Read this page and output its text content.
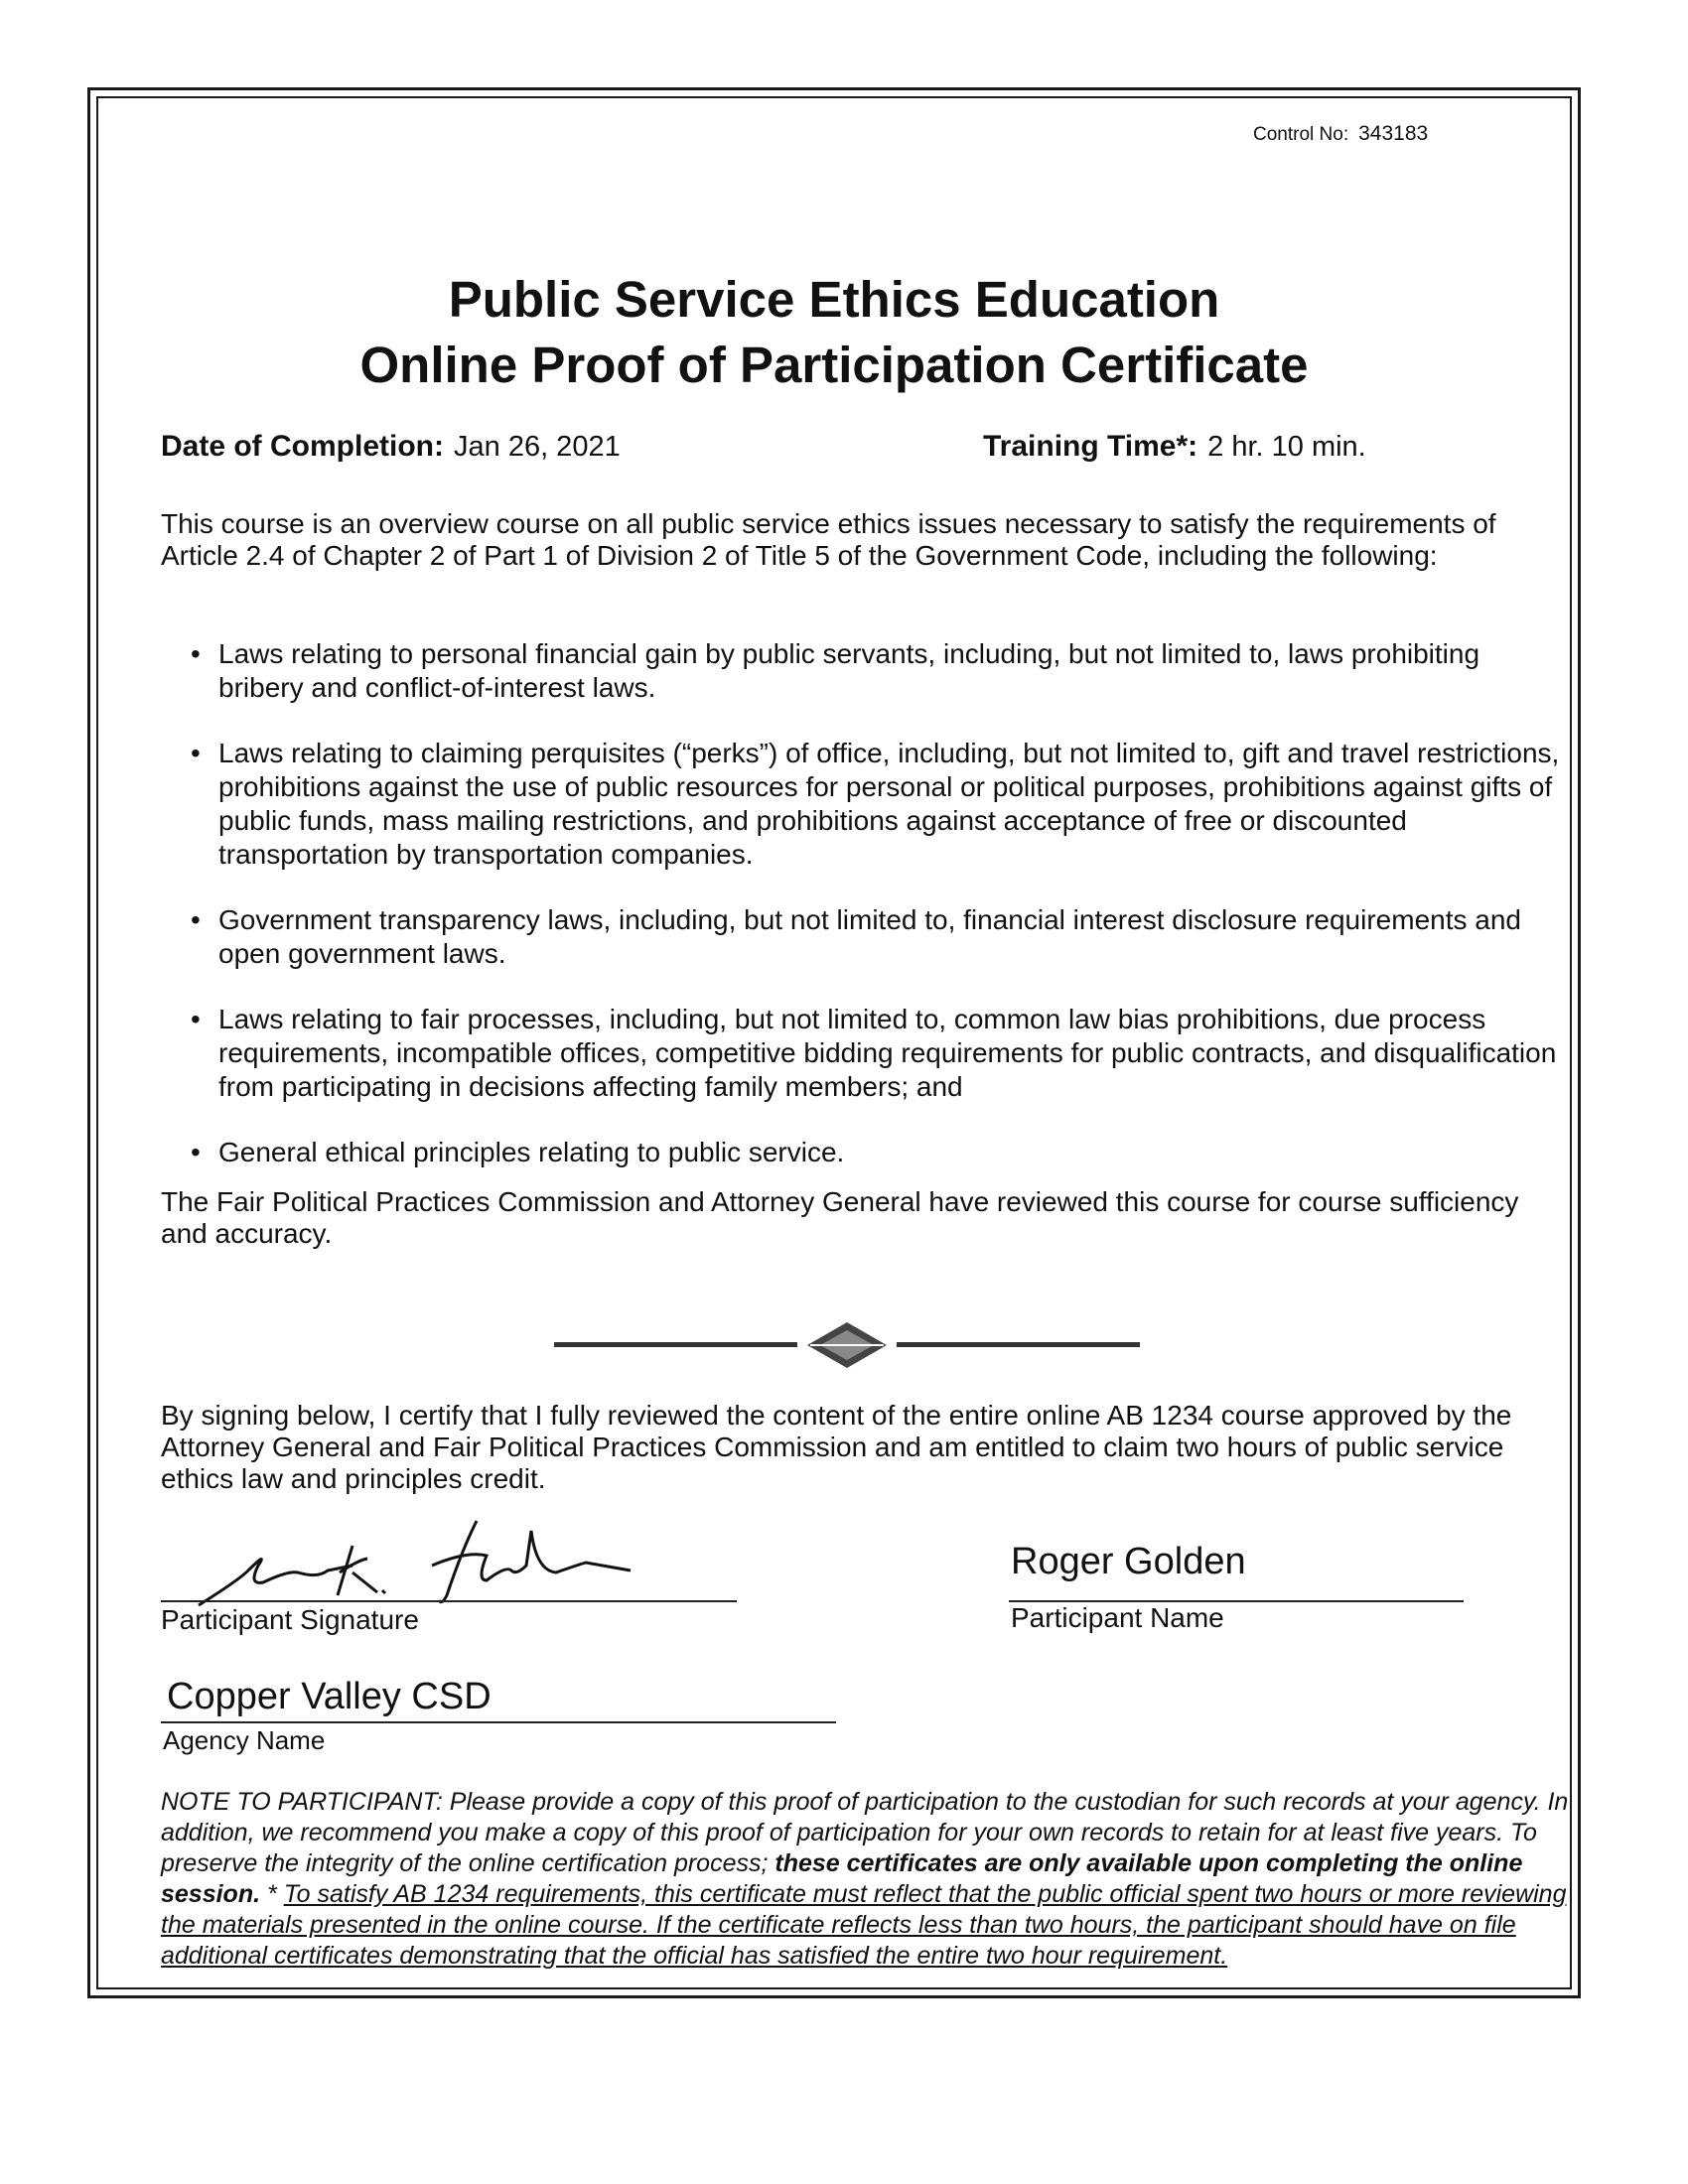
Control No: 343183
Public Service Ethics Education
Online Proof of Participation Certificate
Date of Completion: Jan 26, 2021	Training Time*: 2 hr. 10 min.
This course is an overview course on all public service ethics issues necessary to satisfy the requirements of Article 2.4 of Chapter 2 of Part 1 of Division 2 of Title 5 of the Government Code, including the following:
• Laws relating to personal financial gain by public servants, including, but not limited to, laws prohibiting bribery and conflict-of-interest laws.
• Laws relating to claiming perquisites (“perks”) of office, including, but not limited to, gift and travel restrictions, prohibitions against the use of public resources for personal or political purposes, prohibitions against gifts of public funds, mass mailing restrictions, and prohibitions against acceptance of free or discounted transportation by transportation companies.
• Government transparency laws, including, but not limited to, financial interest disclosure requirements and open government laws.
• Laws relating to fair processes, including, but not limited to, common law bias prohibitions, due process requirements, incompatible offices, competitive bidding requirements for public contracts, and disqualification from participating in decisions affecting family members; and
• General ethical principles relating to public service.
The Fair Political Practices Commission and Attorney General have reviewed this course for course sufficiency and accuracy.
By signing below, I certify that I fully reviewed the content of the entire online AB 1234 course approved by the Attorney General and Fair Political Practices Commission and am entitled to claim two hours of public service ethics law and principles credit.
Participant Signature
Roger Golden
Participant Name
Copper Valley CSD
Agency Name
NOTE TO PARTICIPANT: Please provide a copy of this proof of participation to the custodian for such records at your agency. In addition, we recommend you make a copy of this proof of participation for your own records to retain for at least five years. To preserve the integrity of the online certification process; these certificates are only available upon completing the online session. * To satisfy AB 1234 requirements, this certificate must reflect that the public official spent two hours or more reviewing the materials presented in the online course. If the certificate reflects less than two hours, the participant should have on file additional certificates demonstrating that the official has satisfied the entire two hour requirement.
